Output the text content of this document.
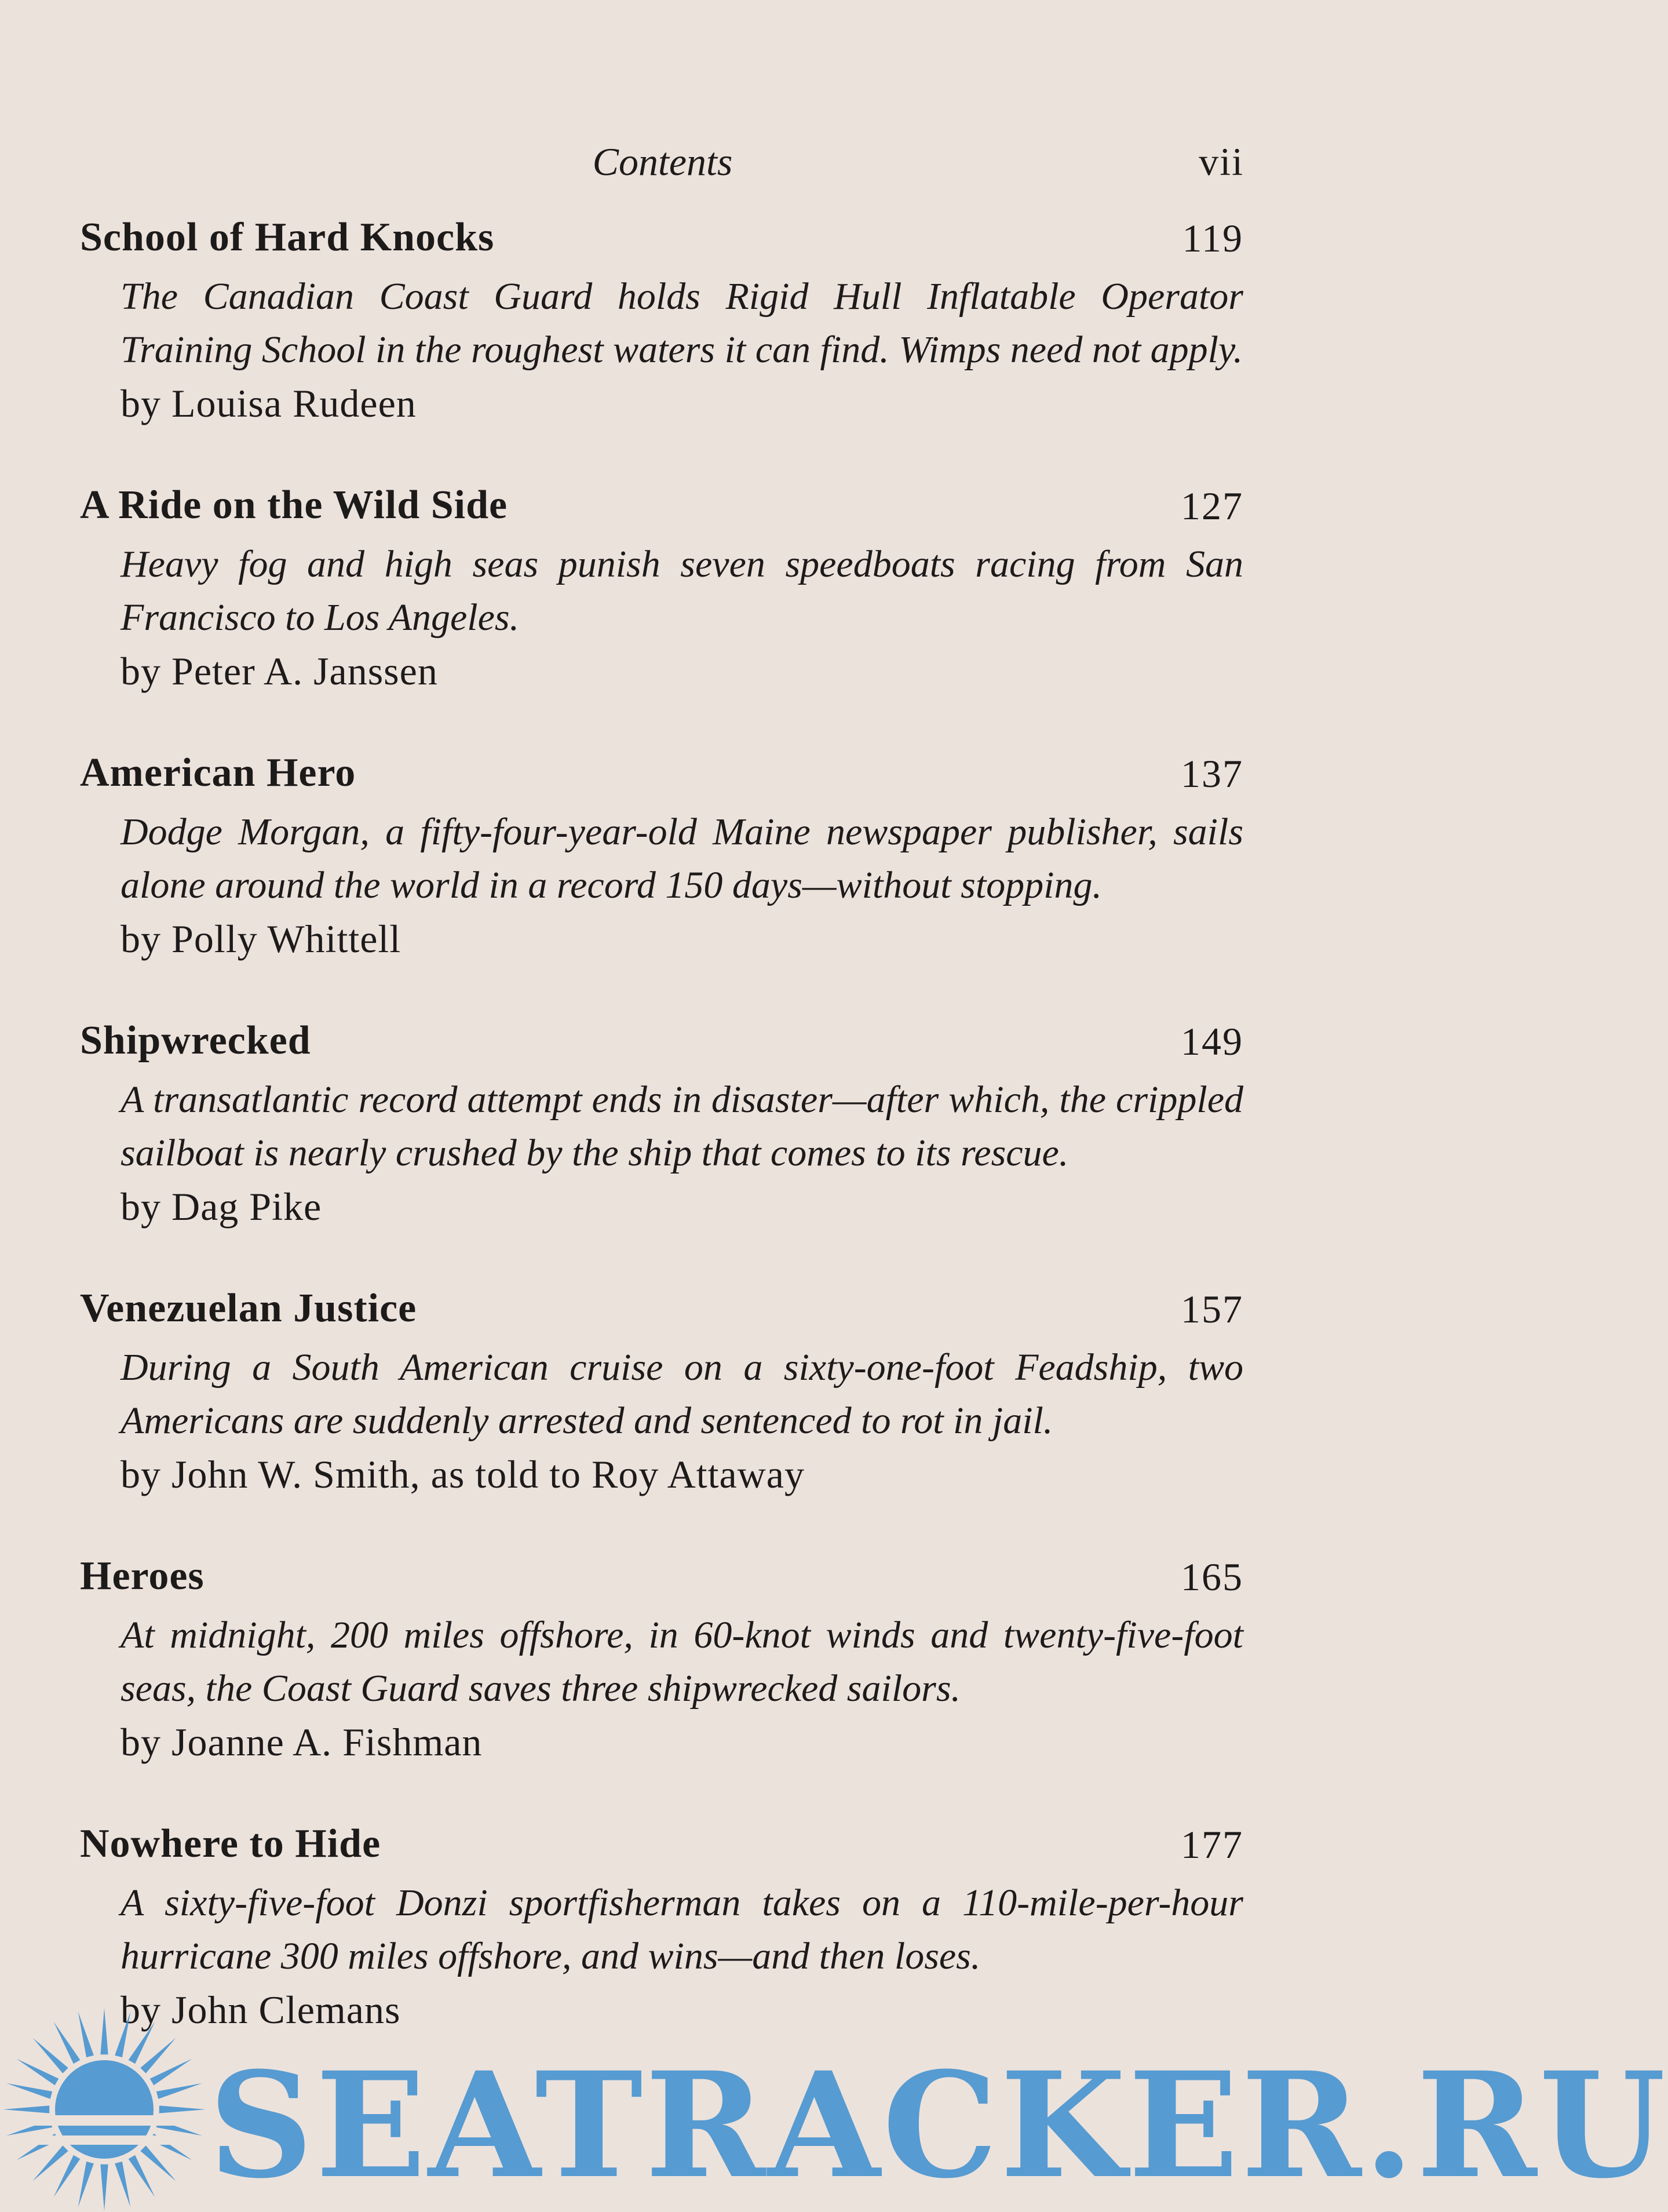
Contents	vii
School of Hard Knocks	119
The Canadian Coast Guard holds Rigid Hull Inflatable Operator Training School in the roughest waters it can find. Wimps need not apply.
by Louisa Rudeen
A Ride on the Wild Side	127
Heavy fog and high seas punish seven speedboats racing from San Francisco to Los Angeles.
by Peter A. Janssen
American Hero	137
Dodge Morgan, a fifty-four-year-old Maine newspaper publisher, sails alone around the world in a record 150 days—without stopping.
by Polly Whittell
Shipwrecked	149
A transatlantic record attempt ends in disaster—after which, the crippled sailboat is nearly crushed by the ship that comes to its rescue.
by Dag Pike
Venezuelan Justice	157
During a South American cruise on a sixty-one-foot Feadship, two Americans are suddenly arrested and sentenced to rot in jail.
by John W. Smith, as told to Roy Attaway
Heroes	165
At midnight, 200 miles offshore, in 60-knot winds and twenty-five-foot seas, the Coast Guard saves three shipwrecked sailors.
by Joanne A. Fishman
Nowhere to Hide	177
A sixty-five-foot Donzi sportfisherman takes on a 110-mile-per-hour hurricane 300 miles offshore, and wins—and then loses.
by John Clemans
SEATRACKER.RU
